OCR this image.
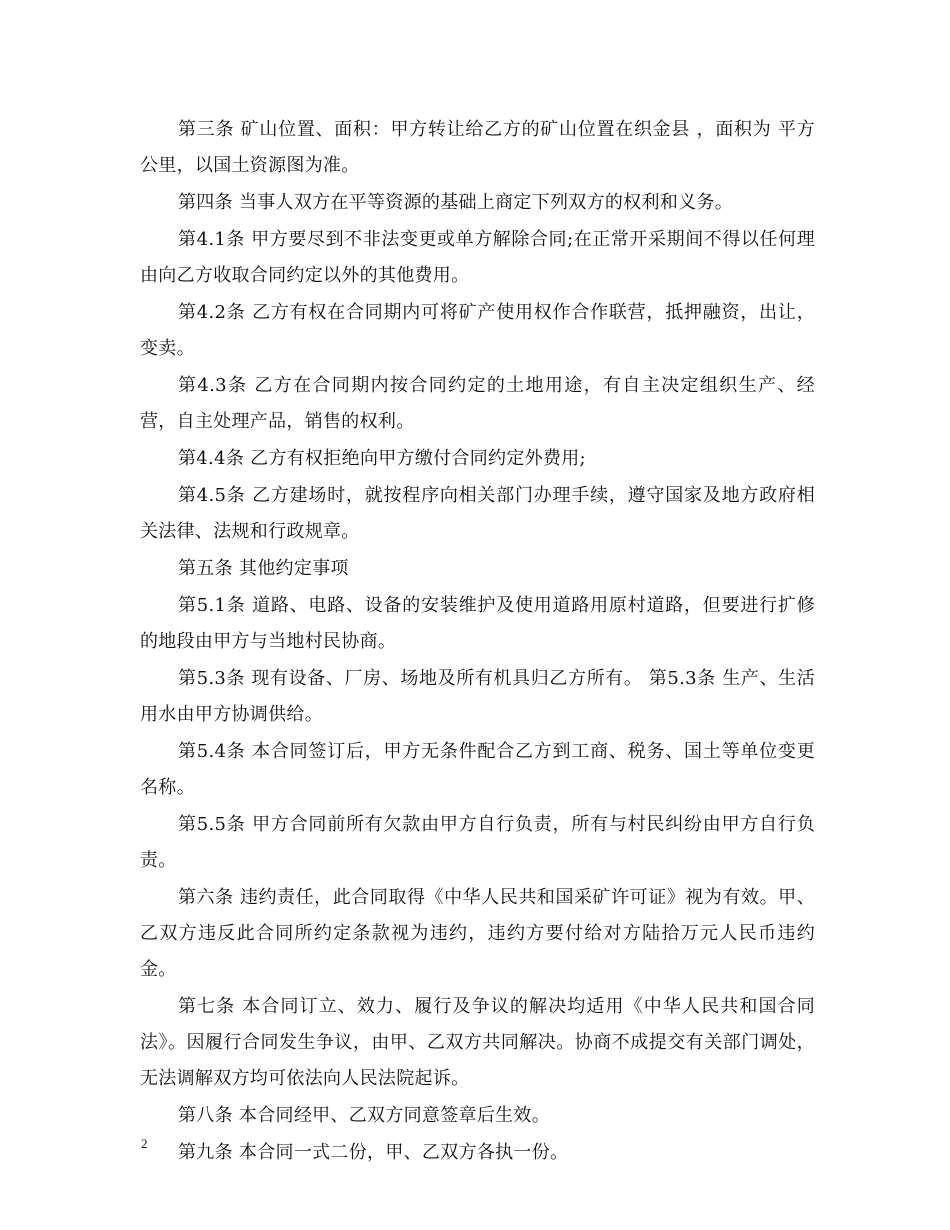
第三条 矿山位置、面积：甲方转让给乙方的矿山位置在织金县 ，面积为 平方公里，以国土资源图为准。

第四条 当事人双方在平等资源的基础上商定下列双方的权利和义务。

第4.1条 甲方要尽到不非法变更或单方解除合同;在正常开采期间不得以任何理由向乙方收取合同约定以外的其他费用。

第4.2条 乙方有权在合同期内可将矿产使用权作合作联营，抵押融资，出让，变卖。

第4.3条 乙方在合同期内按合同约定的土地用途，有自主决定组织生产、经营，自主处理产品，销售的权利。

第4.4条 乙方有权拒绝向甲方缴付合同约定外费用;

第4.5条 乙方建场时，就按程序向相关部门办理手续，遵守国家及地方政府相关法律、法规和行政规章。

第五条 其他约定事项

第5.1条 道路、电路、设备的安装维护及使用道路用原村道路，但要进行扩修的地段由甲方与当地村民协商。

第5.3条 现有设备、厂房、场地及所有机具归乙方所有。 第5.3条 生产、生活用水由甲方协调供给。

第5.4条 本合同签订后，甲方无条件配合乙方到工商、税务、国土等单位变更名称。

第5.5条 甲方合同前所有欠款由甲方自行负责，所有与村民纠纷由甲方自行负责。

第六条 违约责任，此合同取得《中华人民共和国采矿许可证》视为有效。甲、乙双方违反此合同所约定条款视为违约，违约方要付给对方陆拾万元人民币违约金。

第七条 本合同订立、效力、履行及争议的解决均适用《中华人民共和国合同法》。因履行合同发生争议，由甲、乙双方共同解决。协商不成提交有关部门调处，无法调解双方均可依法向人民法院起诉。

第八条 本合同经甲、乙双方同意签章后生效。

第九条 本合同一式二份，甲、乙双方各执一份。

2
